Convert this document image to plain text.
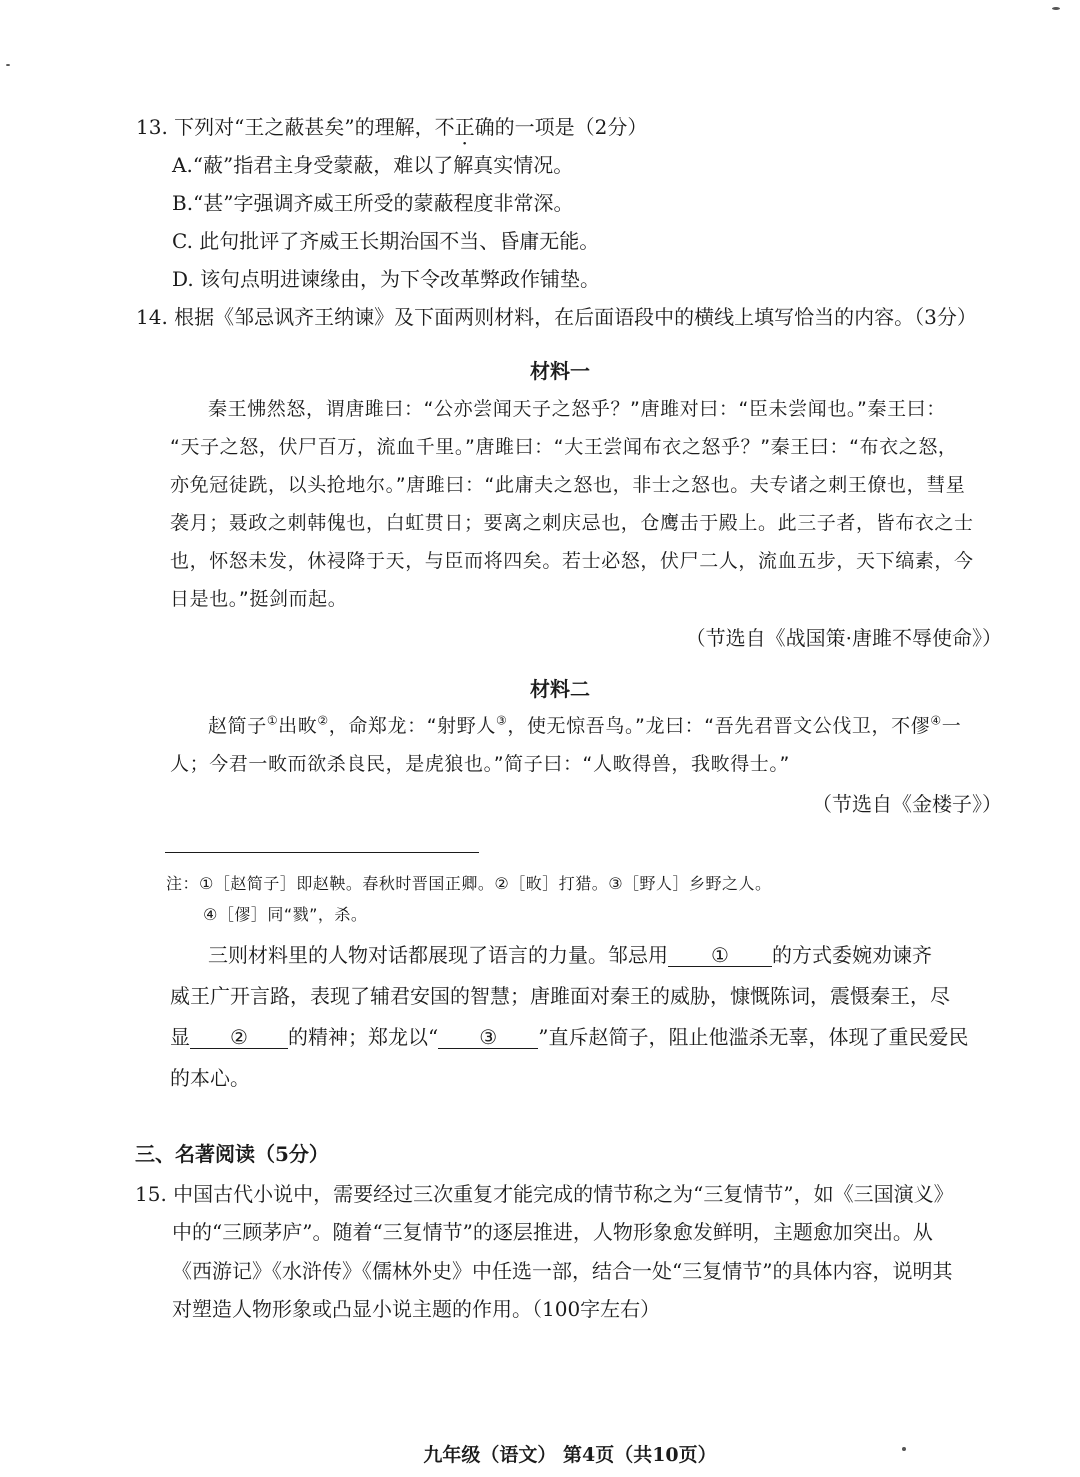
13. 下列对“王之蔽甚矣”的理解，不正确的一项是（2分）
A.“蔽”指君主身受蒙蔽，难以了解真实情况。
B.“甚”字强调齐威王所受的蒙蔽程度非常深。
C. 此句批评了齐威王长期治国不当、昏庸无能。
D. 该句点明进谏缘由，为下令改革弊政作铺垫。
14. 根据《邹忌讽齐王纳谏》及下面两则材料，在后面语段中的横线上填写恰当的内容。（3分）
材料一
秦王怫然怒，谓唐雎曰：“公亦尝闻天子之怒乎？”唐雎对曰：“臣未尝闻也。”秦王曰：
“天子之怒，伏尸百万，流血千里。”唐雎曰：“大王尝闻布衣之怒乎？”秦王曰：“布衣之怒，
亦免冠徒跣，以头抢地尔。”唐雎曰：“此庸夫之怒也，非士之怒也。夫专诸之刺王僚也，彗星
袭月；聂政之刺韩傀也，白虹贯日；要离之刺庆忌也，仓鹰击于殿上。此三子者，皆布衣之士
也，怀怒未发，休祲降于天，与臣而将四矣。若士必怒，伏尸二人，流血五步，天下缟素，今
日是也。”挺剑而起。
（节选自《战国策·唐雎不辱使命》）
材料二
赵简子①出畋②，命郑龙：“射野人③，使无惊吾鸟。”龙曰：“吾先君晋文公伐卫，不僇④一
人；今君一畋而欲杀良民，是虎狼也。”简子曰：“人畋得兽，我畋得士。”
（节选自《金楼子》）
注：①［赵简子］即赵鞅。春秋时晋国正卿。②［畋］打猎。③［野人］乡野之人。
④［僇］同“戮”，杀。
三则材料里的人物对话都展现了语言的力量。邹忌用 ① 的方式委婉劝谏齐
威王广开言路，表现了辅君安国的智慧；唐雎面对秦王的威胁，慷慨陈词，震慑秦王，尽
显 ② 的精神；郑龙以“ ③ ”直斥赵简子，阻止他滥杀无辜，体现了重民爱民
的本心。
三、名著阅读（5分）
15. 中国古代小说中，需要经过三次重复才能完成的情节称之为“三复情节”，如《三国演义》
中的“三顾茅庐”。随着“三复情节”的逐层推进，人物形象愈发鲜明，主题愈加突出。从
《西游记》《水浒传》《儒林外史》中任选一部，结合一处“三复情节”的具体内容，说明其
对塑造人物形象或凸显小说主题的作用。（100字左右）
九年级（语文） 第4页（共10页）
